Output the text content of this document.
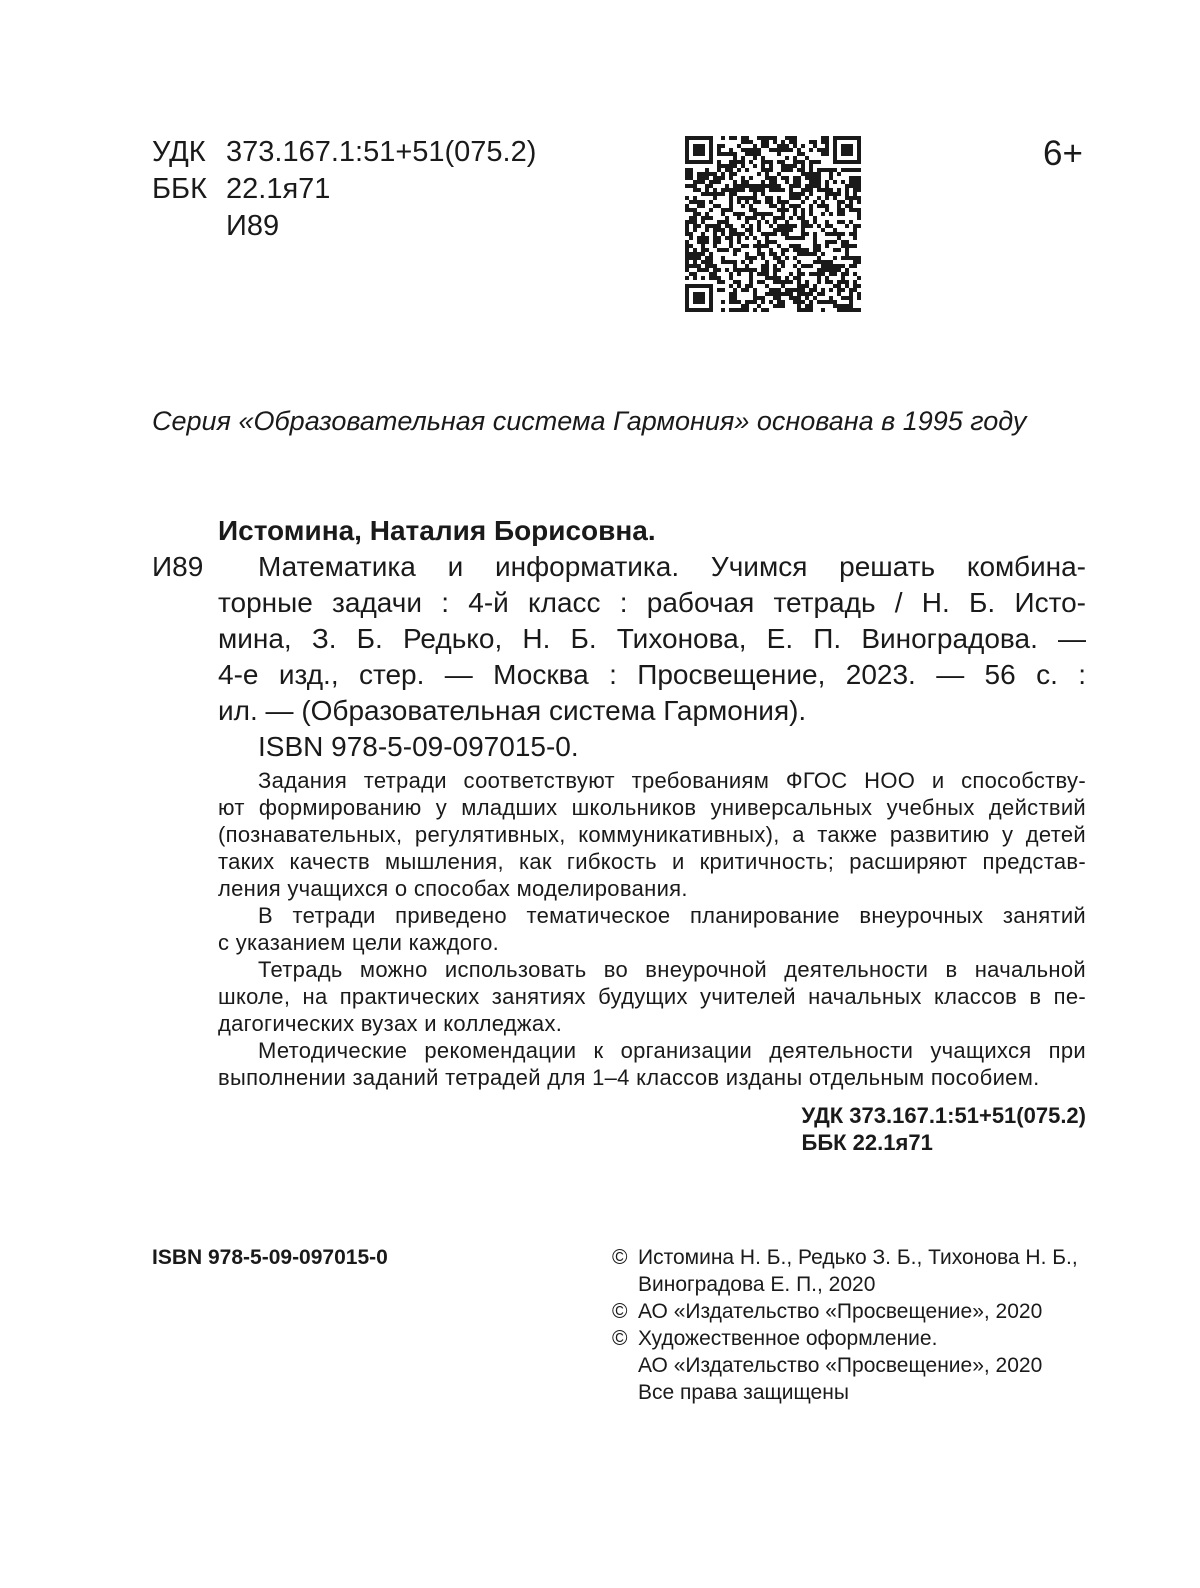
УДК 373.167.1:51+51(075.2)
ББК 22.1я71
И89
6+
Серия «Образовательная система Гармония» основана в 1995 году
Истомина, Наталия Борисовна.
И89	Математика и информатика. Учимся решать комбина-
торные задачи : 4-й класс : рабочая тетрадь / Н. Б. Исто-
мина, З. Б. Редько, Н. Б. Тихонова, Е. П. Виноградова. —
4-е изд., стер. — Москва : Просвещение, 2023. — 56 с. :
ил. — (Образовательная система Гармония).
ISBN 978-5-09-097015-0.
Задания тетради соответствуют требованиям ФГОС НОО и способству-
ют формированию у младших школьников универсальных учебных действий
(познавательных, регулятивных, коммуникативных), а также развитию у детей
таких качеств мышления, как гибкость и критичность; расширяют представ-
ления учащихся о способах моделирования.
В тетради приведено тематическое планирование внеурочных занятий
с указанием цели каждого.
Тетрадь можно использовать во внеурочной деятельности в начальной
школе, на практических занятиях будущих учителей начальных классов в пе-
дагогических вузах и колледжах.
Методические рекомендации к организации деятельности учащихся при
выполнении заданий тетрадей для 1–4 классов изданы отдельным пособием.
УДК 373.167.1:51+51(075.2)
ББК 22.1я71
ISBN 978-5-09-097015-0	© Истомина Н. Б., Редько З. Б., Тихонова Н. Б.,
Виноградова Е. П., 2020
© АО «Издательство «Просвещение», 2020
© Художественное оформление.
АО «Издательство «Просвещение», 2020
Все права защищены
